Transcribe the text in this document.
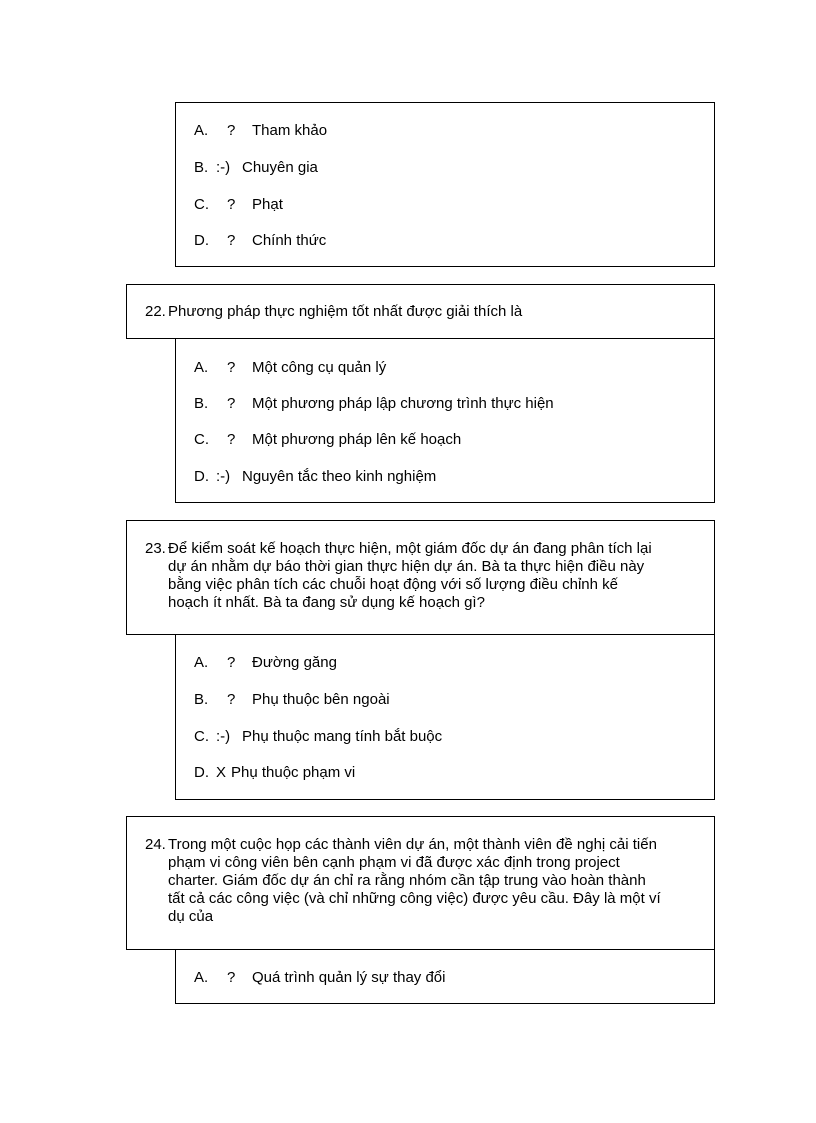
A. ? Tham khảo
B. :-) Chuyên gia
C. ? Phạt
D. ? Chính thức
22. Phương pháp thực nghiệm tốt nhất được giải thích là
A. ? Một công cụ quản lý
B. ? Một phương pháp lập chương trình thực hiện
C. ? Một phương pháp lên kế hoạch
D. :-) Nguyên tắc theo kinh nghiệm
23. Để kiểm soát kế hoạch thực hiện, một giám đốc dự án đang phân tích lại
dự án nhằm dự báo thời gian thực hiện dự án. Bà ta thực hiện điều này
bằng việc phân tích các chuỗi hoạt động với số lượng điều chỉnh kế
hoạch ít nhất. Bà ta đang sử dụng kế hoạch gì?
A. ? Đường găng
B. ? Phụ thuộc bên ngoài
C. :-) Phụ thuộc mang tính bắt buộc
D. X Phụ thuộc phạm vi
24. Trong một cuộc họp các thành viên dự án, một thành viên đề nghị cải tiến
phạm vi công viên bên cạnh phạm vi đã được xác định trong project
charter. Giám đốc dự án chỉ ra rằng nhóm cần tập trung vào hoàn thành
tất cả các công việc (và chỉ những công việc) được yêu cầu. Đây là một ví
dụ của
A. ? Quá trình quản lý sự thay đổi
